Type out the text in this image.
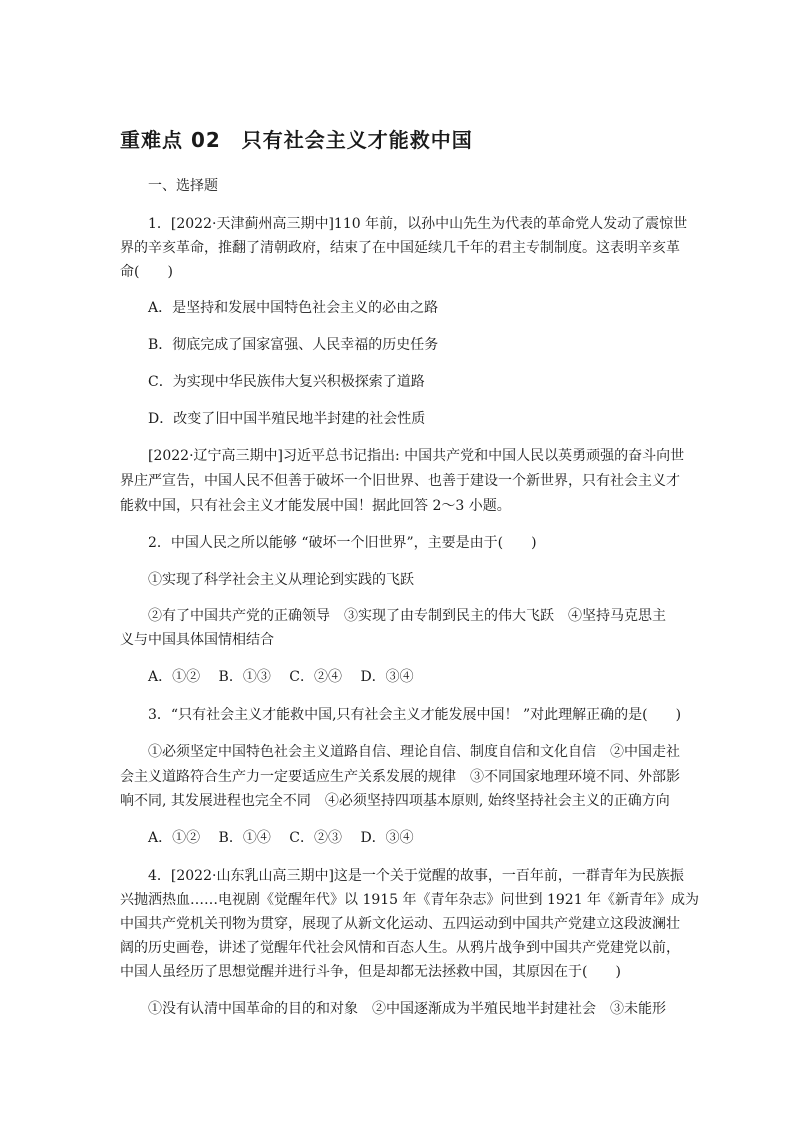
重难点 02　只有社会主义才能救中国
一、选择题
1．[2022·天津蓟州高三期中]110 年前，以孙中山先生为代表的革命党人发动了震惊世
界的辛亥革命，推翻了清朝政府，结束了在中国延续几千年的君主专制制度。这表明辛亥革
命(　　)
A．是坚持和发展中国特色社会主义的必由之路
B．彻底完成了国家富强、人民幸福的历史任务
C．为实现中华民族伟大复兴积极探索了道路
D．改变了旧中国半殖民地半封建的社会性质
[2022·辽宁高三期中]习近平总书记指出: 中国共产党和中国人民以英勇顽强的奋斗向世
界庄严宣告，中国人民不但善于破坏一个旧世界、也善于建设一个新世界，只有社会主义才
能救中国，只有社会主义才能发展中国！据此回答 2～3 小题。
2．中国人民之所以能够 “破坏一个旧世界”，主要是由于(　　)
①实现了科学社会主义从理论到实践的飞跃
②有了中国共产党的正确领导　③实现了由专制到民主的伟大飞跃　④坚持马克思主
义与中国具体国情相结合
A．①②　 B．①③　 C．②④　 D．③④
3．“只有社会主义才能救中国,只有社会主义才能发展中国！ ”对此理解正确的是(　　)
①必须坚定中国特色社会主义道路自信、理论自信、制度自信和文化自信　②中国走社
会主义道路符合生产力一定要适应生产关系发展的规律　③不同国家地理环境不同、外部影
响不同, 其发展进程也完全不同　④必须坚持四项基本原则, 始终坚持社会主义的正确方向
A．①②　 B．①④　 C．②③　 D．③④
4．[2022·山东乳山高三期中]这是一个关于觉醒的故事，一百年前，一群青年为民族振
兴抛洒热血……电视剧《觉醒年代》以 1915 年《青年杂志》问世到 1921 年《新青年》成为
中国共产党机关刊物为贯穿，展现了从新文化运动、五四运动到中国共产党建立这段波澜壮
阔的历史画卷，讲述了觉醒年代社会风情和百态人生。从鸦片战争到中国共产党建党以前，
中国人虽经历了思想觉醒并进行斗争，但是却都无法拯救中国，其原因在于(　　)
①没有认清中国革命的目的和对象　②中国逐渐成为半殖民地半封建社会　③未能形
